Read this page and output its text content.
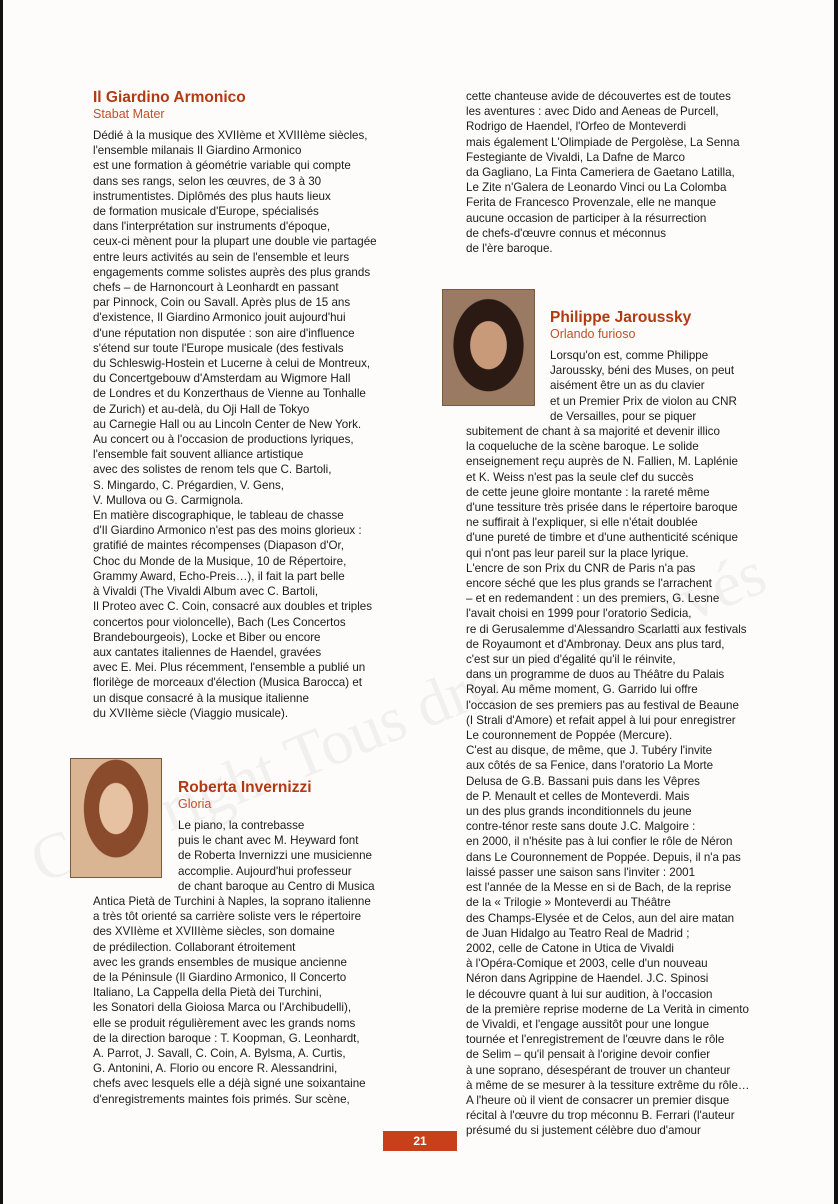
Il Giardino Armonico
Stabat Mater

Dédié à la musique des XVIIème et XVIIIème siècles,

l'ensemble milanais Il Giardino Armonico

est une formation à géométrie variable qui compte

dans ses rangs, selon les œuvres, de 3 à 30

instrumentistes. Diplômés des plus hauts lieux

de formation musicale d'Europe, spécialisés

dans l'interprétation sur instruments d'époque,

ceux-ci mènent pour la plupart une double vie partagée

entre leurs activités au sein de l'ensemble et leurs

engagements comme solistes auprès des plus grands

chefs – de Harnoncourt à Leonhardt en passant

par Pinnock, Coin ou Savall. Après plus de 15 ans

d'existence, Il Giardino Armonico jouit aujourd'hui

d'une réputation non disputée : son aire d'influence

s'étend sur toute l'Europe musicale (des festivals

du Schleswig-Hostein et Lucerne à celui de Montreux,

du Concertgebouw d'Amsterdam au Wigmore Hall

de Londres et du Konzerthaus de Vienne au Tonhalle

de Zurich) et au-delà, du Oji Hall de Tokyo

au Carnegie Hall ou au Lincoln Center de New York.

Au concert ou à l'occasion de productions lyriques,

l'ensemble fait souvent alliance artistique

avec des solistes de renom tels que C. Bartoli,

S. Mingardo, C. Prégardien, V. Gens,

V. Mullova ou G. Carmignola.

En matière discographique, le tableau de chasse

d'Il Giardino Armonico n'est pas des moins glorieux :

gratifié de maintes récompenses (Diapason d'Or,

Choc du Monde de la Musique, 10 de Répertoire,

Grammy Award, Echo-Preis…), il fait la part belle

à Vivaldi (The Vivaldi Album avec C. Bartoli,

Il Proteo avec C. Coin, consacré aux doubles et triples

concertos pour violoncelle), Bach (Les Concertos

Brandebourgeois), Locke et Biber ou encore

aux cantates italiennes de Haendel, gravées

avec E. Mei. Plus récemment, l'ensemble a publié un

florilège de morceaux d'élection (Musica Barocca) et

un disque consacré à la musique italienne

du XVIIème siècle (Viaggio musicale).

Roberta Invernizzi
Gloria

Le piano, la contrebasse

puis le chant avec M. Heyward font

de Roberta Invernizzi une musicienne

accomplie. Aujourd'hui professeur

de chant baroque au Centro di Musica

Antica Pietà de Turchini à Naples, la soprano italienne

a très tôt orienté sa carrière soliste vers le répertoire

des XVIIème et XVIIIème siècles, son domaine

de prédilection. Collaborant étroitement

avec les grands ensembles de musique ancienne

de la Péninsule (Il Giardino Armonico, Il Concerto

Italiano, La Cappella della Pietà dei Turchini,

les Sonatori della Gioiosa Marca ou l'Archibudelli),

elle se produit régulièrement avec les grands noms

de la direction baroque : T. Koopman, G. Leonhardt,

A. Parrot, J. Savall, C. Coin, A. Bylsma, A. Curtis,

G. Antonini, A. Florio ou encore R. Alessandrini,

chefs avec lesquels elle a déjà signé une soixantaine

d'enregistrements maintes fois primés. Sur scène,

cette chanteuse avide de découvertes est de toutes

les aventures : avec Dido and Aeneas de Purcell,

Rodrigo de Haendel, l'Orfeo de Monteverdi

mais également L'Olimpiade de Pergolèse, La Senna

Festegiante de Vivaldi, La Dafne de Marco

da Gagliano, La Finta Cameriera de Gaetano Latilla,

Le Zite n'Galera de Leonardo Vinci ou La Colomba

Ferita de Francesco Provenzale, elle ne manque

aucune occasion de participer à la résurrection

de chefs-d'œuvre connus et méconnus

de l'ère baroque.

Philippe Jaroussky
Orlando furioso

Lorsqu'on est, comme Philippe

Jaroussky, béni des Muses, on peut

aisément être un as du clavier

et un Premier Prix de violon au CNR

de Versailles, pour se piquer

subitement de chant à sa majorité et devenir illico

la coqueluche de la scène baroque. Le solide

enseignement reçu auprès de N. Fallien, M. Laplénie

et K. Weiss n'est pas la seule clef du succès

de cette jeune gloire montante : la rareté même

d'une tessiture très prisée dans le répertoire baroque

ne suffirait à l'expliquer, si elle n'était doublée

d'une pureté de timbre et d'une authenticité scénique

qui n'ont pas leur pareil sur la place lyrique.

L'encre de son Prix du CNR de Paris n'a pas

encore séché que les plus grands se l'arrachent

– et en redemandent : un des premiers, G. Lesne

l'avait choisi en 1999 pour l'oratorio Sedicia,

re di Gerusalemme d'Alessandro Scarlatti aux festivals

de Royaumont et d'Ambronay. Deux ans plus tard,

c'est sur un pied d'égalité qu'il le réinvite,

dans un programme de duos au Théâtre du Palais

Royal. Au même moment, G. Garrido lui offre

l'occasion de ses premiers pas au festival de Beaune

(I Strali d'Amore) et refait appel à lui pour enregistrer

Le couronnement de Poppée (Mercure).

C'est au disque, de même, que J. Tubéry l'invite

aux côtés de sa Fenice, dans l'oratorio La Morte

Delusa de G.B. Bassani puis dans les Vêpres

de P. Menault et celles de Monteverdi. Mais

un des plus grands inconditionnels du jeune

contre-ténor reste sans doute J.C. Malgoire :

en 2000, il n'hésite pas à lui confier le rôle de Néron

dans Le Couronnement de Poppée. Depuis, il n'a pas

laissé passer une saison sans l'inviter : 2001

est l'année de la Messe en si de Bach, de la reprise

de la « Trilogie » Monteverdi au Théâtre

des Champs-Elysée et de Celos, aun del aire matan

de Juan Hidalgo au Teatro Real de Madrid ;

2002, celle de Catone in Utica de Vivaldi

à l'Opéra-Comique et 2003, celle d'un nouveau

Néron dans Agrippine de Haendel. J.C. Spinosi

le découvre quant à lui sur audition, à l'occasion

de la première reprise moderne de La Verità in cimento

de Vivaldi, et l'engage aussitôt pour une longue

tournée et l'enregistrement de l'œuvre dans le rôle

de Selim – qu'il pensait à l'origine devoir confier

à une soprano, désespérant de trouver un chanteur

à même de se mesurer à la tessiture extrême du rôle…

A l'heure où il vient de consacrer un premier disque

récital à l'œuvre du trop méconnu B. Ferrari (l'auteur

présumé du si justement célèbre duo d'amour

21
